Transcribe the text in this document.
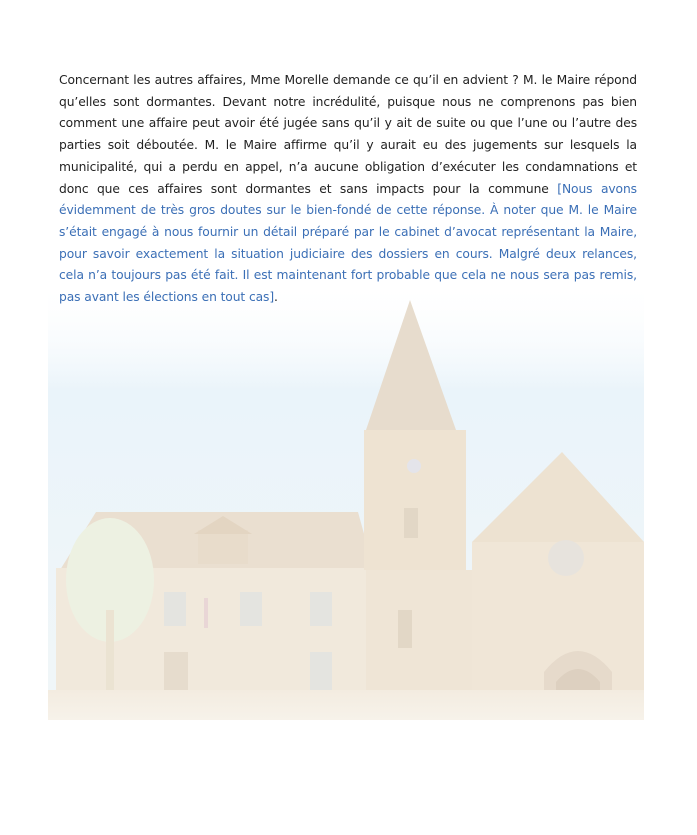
Concernant les autres affaires, Mme Morelle demande ce qu’il en advient ? M. le Maire répond qu’elles sont dormantes. Devant notre incrédulité, puisque nous ne comprenons pas bien comment une affaire peut avoir été jugée sans qu’il y ait de suite ou que l’une ou l’autre des parties soit déboutée. M. le Maire affirme qu’il y aurait eu des jugements sur lesquels la municipalité, qui a perdu en appel, n’a aucune obligation d’exécuter les condamnations et donc que ces affaires sont dormantes et sans impacts pour la commune [Nous avons évidemment de très gros doutes sur le bien-fondé de cette réponse. À noter que M. le Maire s’était engagé à nous fournir un détail préparé par le cabinet d’avocat représentant la Maire, pour savoir exactement la situation judiciaire des dossiers en cours. Malgré deux relances, cela n’a toujours pas été fait. Il est maintenant fort probable que cela ne nous sera pas remis, pas avant les élections en tout cas].
